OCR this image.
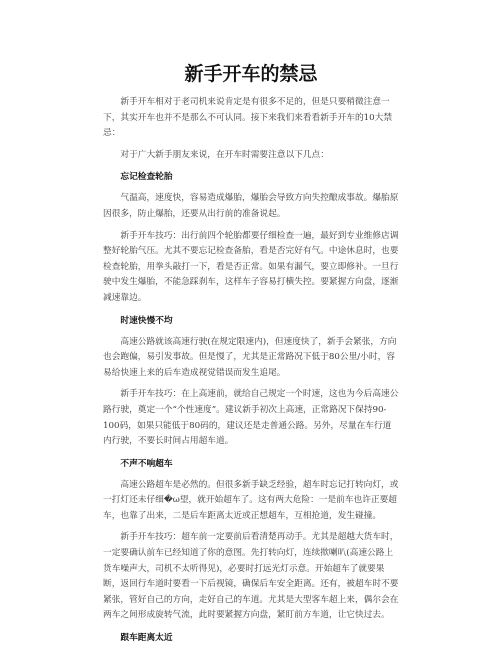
新手开车的禁忌

新手开车相对于老司机来说肯定是有很多不足的，但是只要稍微注意一下，其实开车也并不是那么不可认同。接下来我们来看看新手开车的10大禁忌：

对于广大新手朋友来说，在开车时需要注意以下几点：

忘记检查轮胎

气温高，速度快，容易造成爆胎，爆胎会导致方向失控酿成事故。爆胎原因很多，防止爆胎，还要从出行前的准备说起。

新手开车技巧：出行前四个轮胎都要仔细检查一遍，最好到专业维修店调整好轮胎气压。尤其不要忘记检查备胎，看是否完好有气。中途休息时，也要检查轮胎，用拳头敲打一下，看是否正常。如果有漏气，要立即修补。一旦行驶中发生爆胎，不能急踩刹车，这样车子容易打横失控。要紧握方向盘，逐渐减速靠边。

时速快慢不均

高速公路就该高速行驶(在规定限速内)，但速度快了，新手会紧张，方向也会跑偏，易引发事故。但是慢了，尤其是正常路况下低于80公里/小时，容易给快速上来的后车造成视觉错误而发生追尾。

新手开车技巧：在上高速前，就给自己规定一个时速，这也为今后高速公路行驶，奠定一个“个性速度”。建议新手初次上高速，正常路况下保持90-100码，如果只能低于80码的，建议还是走普通公路。另外，尽量在车行道内行驶，不要长时间占用超车道。

不声不响超车

高速公路超车是必然的。但很多新手缺乏经验，超车时忘记打转向灯，或一打灯还未仔细�ω望，就开始超车了。这有两大危险：一是前车也许正要超车，也靠了出来，二是后车距离太近或正想超车，互相抢道，发生碰撞。

新手开车技巧：超车前一定要前后看清楚再动手。尤其是超越大货车时，一定要确认前车已经知道了你的意图。先打转向灯，连续揿喇叭(高速公路上货车噪声大，司机不太听得见)，必要时打远光灯示意。开始超车了就要果断，返回行车道时要看一下后视镜，确保后车安全距离。还有，被超车时不要紧张，管好自己的方向，走好自己的车道。尤其是大型客车超上来，偶尔会在两车之间形成旋转气流，此时要紧握方向盘，紧盯前方车道，让它快过去。

跟车距离太近
